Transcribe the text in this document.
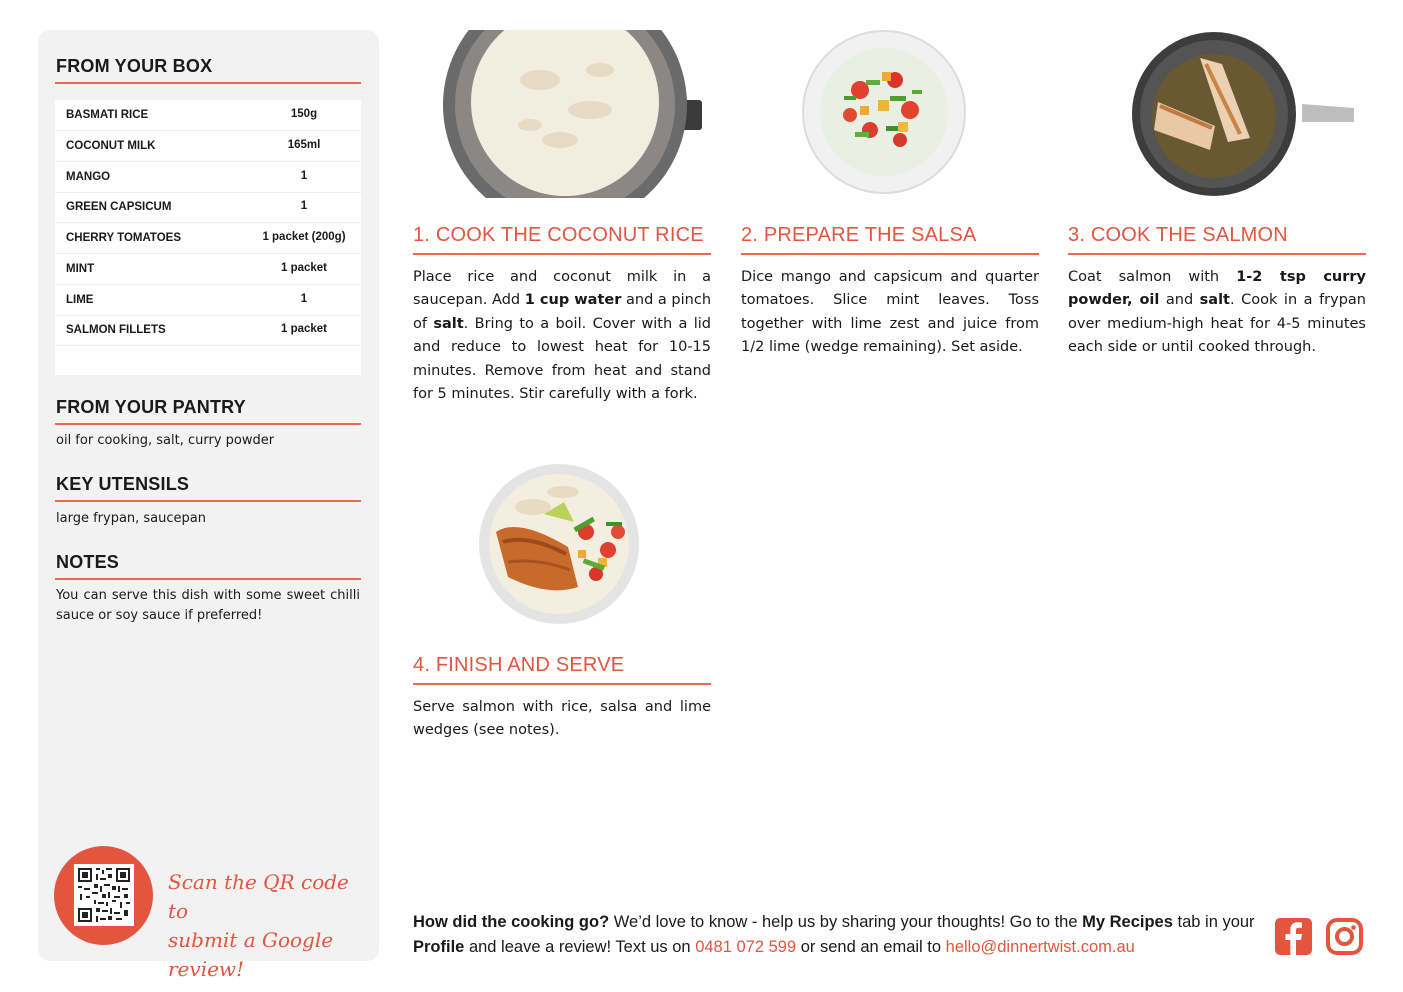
FROM YOUR BOX
BASMATI RICE	150g
COCONUT MILK	165ml
MANGO	1
GREEN CAPSICUM	1
CHERRY TOMATOES	1 packet (200g)
MINT	1 packet
LIME	1
SALMON FILLETS	1 packet
FROM YOUR PANTRY
oil for cooking, salt, curry powder
KEY UTENSILS
large frypan, saucepan
NOTES
You can serve this dish with some sweet chilli sauce or soy sauce if preferred!
Scan the QR code to
submit a Google review!
1. COOK THE COCONUT RICE
Place rice and coconut milk in a saucepan. Add 1 cup water and a pinch of salt. Bring to a boil. Cover with a lid and reduce to lowest heat for 10-15 minutes. Remove from heat and stand for 5 minutes. Stir carefully with a fork.
2. PREPARE THE SALSA
Dice mango and capsicum and quarter tomatoes. Slice mint leaves. Toss together with lime zest and juice from 1/2 lime (wedge remaining). Set aside.
3. COOK THE SALMON
Coat salmon with 1-2 tsp curry powder, oil and salt. Cook in a frypan over medium-high heat for 4-5 minutes each side or until cooked through.
4. FINISH AND SERVE
Serve salmon with rice, salsa and lime wedges (see notes).
How did the cooking go? We’d love to know - help us by sharing your thoughts! Go to the My Recipes tab in your Profile and leave a review! Text us on 0481 072 599 or send an email to hello@dinnertwist.com.au
